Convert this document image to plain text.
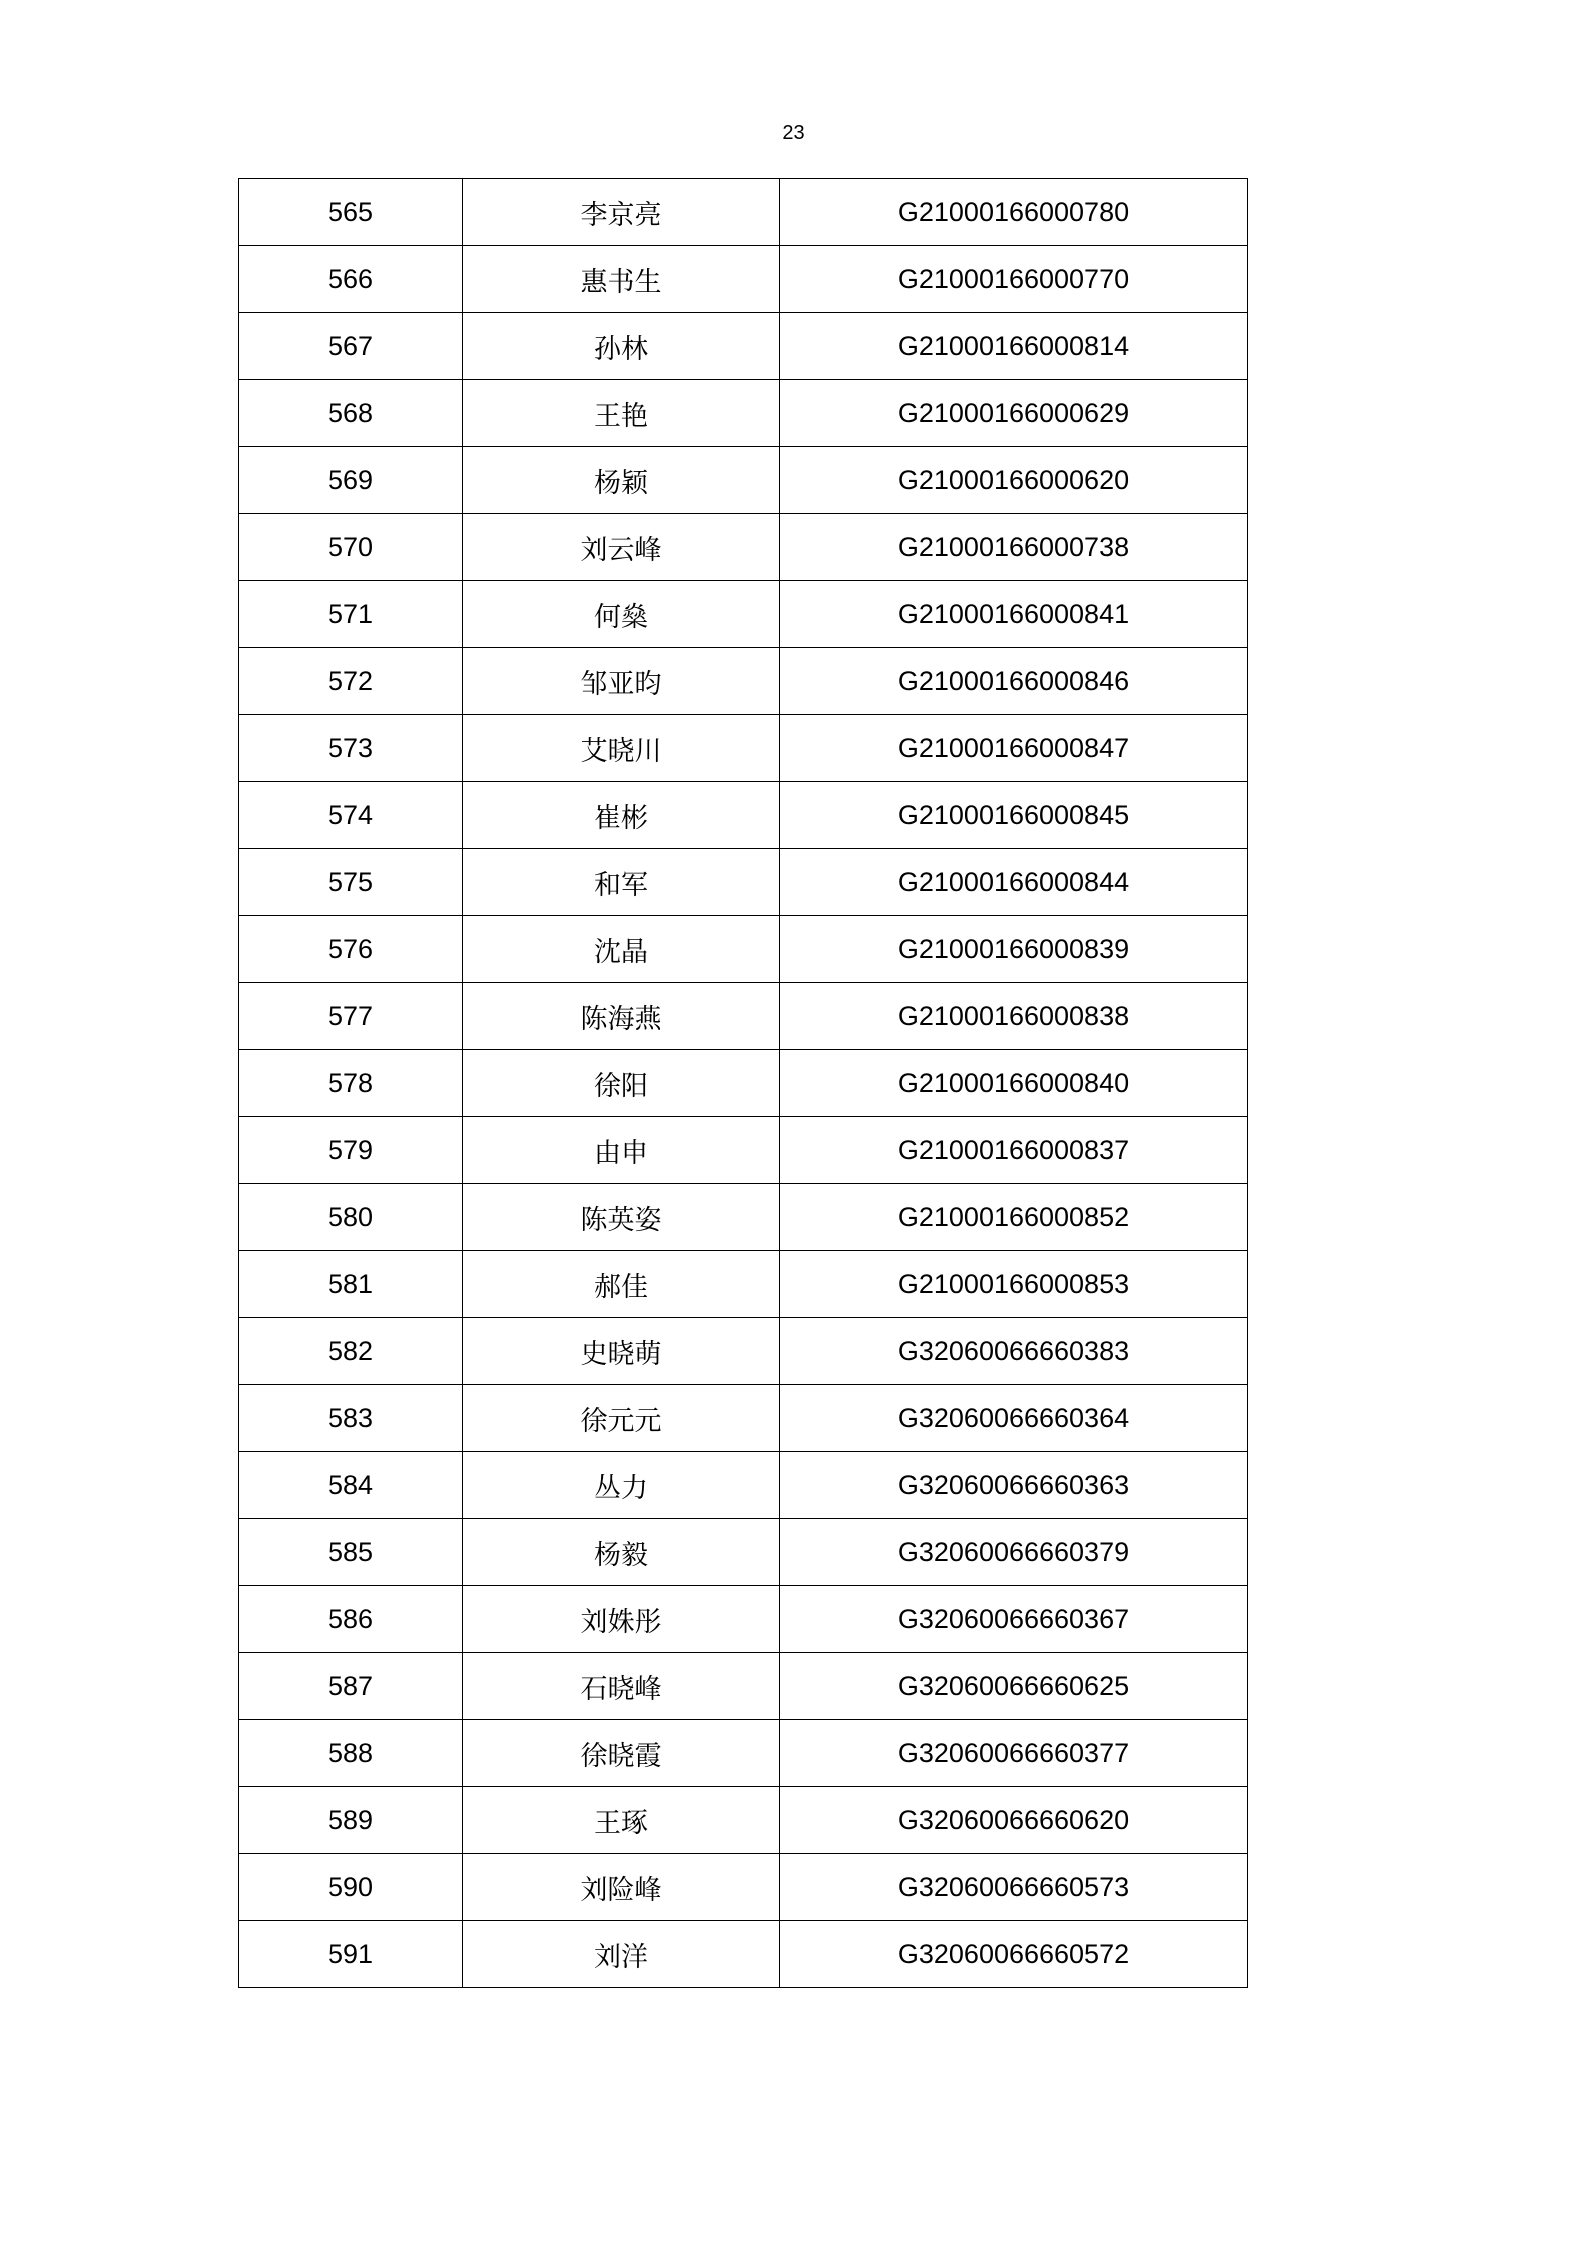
23
565	李京亮	G21000166000780
566	惠书生	G21000166000770
567	孙林	G21000166000814
568	王艳	G21000166000629
569	杨颖	G21000166000620
570	刘云峰	G21000166000738
571	何燊	G21000166000841
572	邹亚昀	G21000166000846
573	艾晓川	G21000166000847
574	崔彬	G21000166000845
575	和军	G21000166000844
576	沈晶	G21000166000839
577	陈海燕	G21000166000838
578	徐阳	G21000166000840
579	由申	G21000166000837
580	陈英姿	G21000166000852
581	郝佳	G21000166000853
582	史晓萌	G32060066660383
583	徐元元	G32060066660364
584	丛力	G32060066660363
585	杨毅	G32060066660379
586	刘姝彤	G32060066660367
587	石晓峰	G32060066660625
588	徐晓霞	G32060066660377
589	王琢	G32060066660620
590	刘险峰	G32060066660573
591	刘洋	G32060066660572
